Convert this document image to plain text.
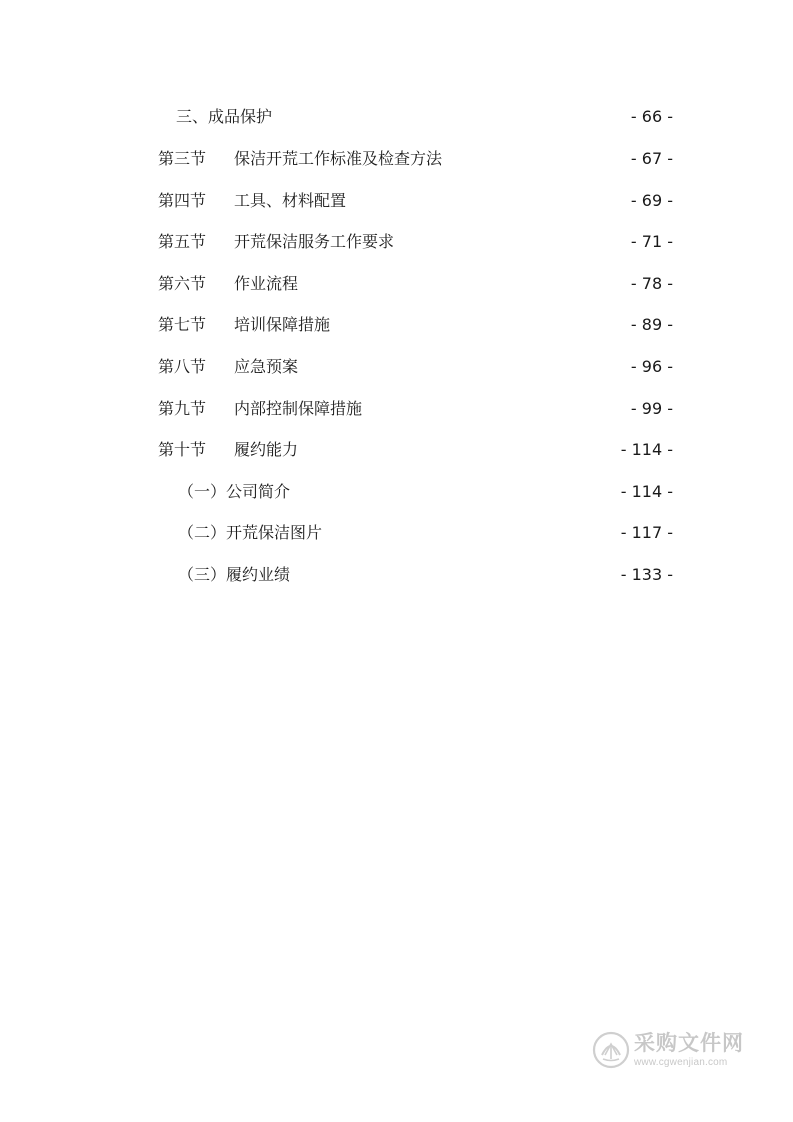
三、成品保护	- 66 -
第三节	保洁开荒工作标准及检查方法	- 67 -
第四节	工具、材料配置	- 69 -
第五节	开荒保洁服务工作要求	- 71 -
第六节	作业流程	- 78 -
第七节	培训保障措施	- 89 -
第八节	应急预案	- 96 -
第九节	内部控制保障措施	- 99 -
第十节	履约能力	- 114 -
（一）公司简介	- 114 -
（二）开荒保洁图片	- 117 -
（三）履约业绩	- 133 -
采购文件网
www.cgwenjian.com
